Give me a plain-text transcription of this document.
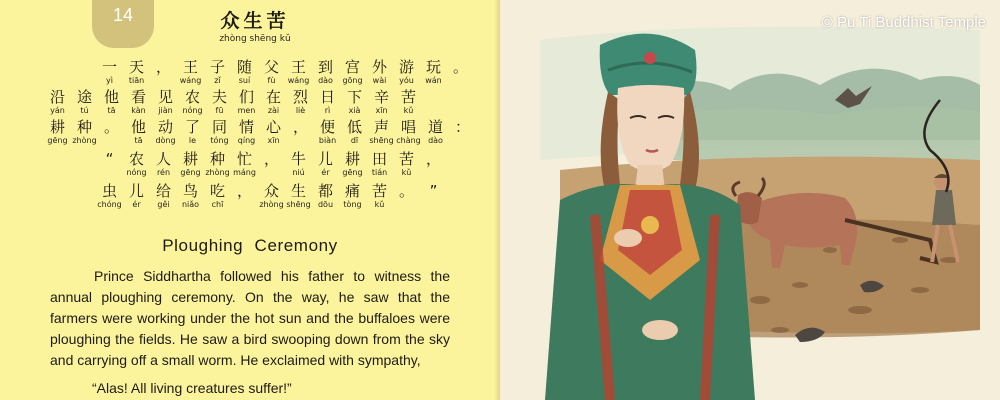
14	众生苦
zhòng shēng kǔ
一
yì
天
tiān
， 王
wáng
子
zǐ
随
suí
父
fù
王
wáng
到
dào
宫
gōng
外
wài
游
yóu
玩
wán
。
沿
yán
途
tú
他
tā
看
kàn
见
jiàn
农
nóng
夫
fū
们
men
在
zài
烈
liè
日
rì
下
xià
辛
xīn
苦
kǔ
耕
gēng
种
zhòng
。 他
tā
动
dòng
了
le
同
tóng
情
qíng
心
xīn
， 便
biàn
低
dī
声
shēng
唱
chàng
道
dào
：
“ 农
nóng
人
rén
耕
gēng
种
zhòng
忙
máng
， 牛
niú
儿
ér
耕
gēng
田
tián
苦
kǔ
，
虫
chóng
儿
ér
给
gěi
鸟
niǎo
吃
chī
， 众
zhòng
生
shēng
都
dōu
痛
tòng
苦
kǔ
。 ”
Ploughing Ceremony

Prince Siddhartha followed his father to witness the annual ploughing ceremony. On the way, he saw that the farmers were working under the hot sun and the buffaloes were ploughing the fields. He saw a bird swooping down from the sky and carrying off a small worm. He exclaimed with sympathy,

“Alas! All living creatures suffer!”
© Pu Ti Buddhist Temple
